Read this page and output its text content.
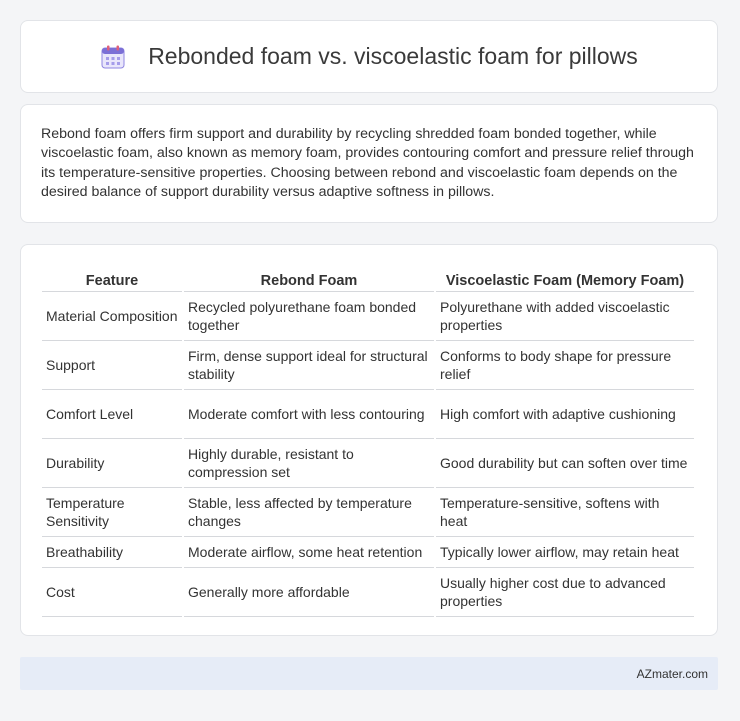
Rebonded foam vs. viscoelastic foam for pillows

Rebond foam offers firm support and durability by recycling shredded foam bonded together, while viscoelastic foam, also known as memory foam, provides contouring comfort and pressure relief through its temperature-sensitive properties. Choosing between rebond and viscoelastic foam depends on the desired balance of support durability versus adaptive softness in pillows.

Feature	Rebond Foam	Viscoelastic Foam (Memory Foam)
Material Composition	Recycled polyurethane foam bonded together	Polyurethane with added viscoelastic properties
Support	Firm, dense support ideal for structural stability	Conforms to body shape for pressure relief
Comfort Level	Moderate comfort with less contouring	High comfort with adaptive cushioning
Durability	Highly durable, resistant to compression set	Good durability but can soften over time
Temperature Sensitivity	Stable, less affected by temperature changes	Temperature-sensitive, softens with heat
Breathability	Moderate airflow, some heat retention	Typically lower airflow, may retain heat
Cost	Generally more affordable	Usually higher cost due to advanced properties
AZmater.com
